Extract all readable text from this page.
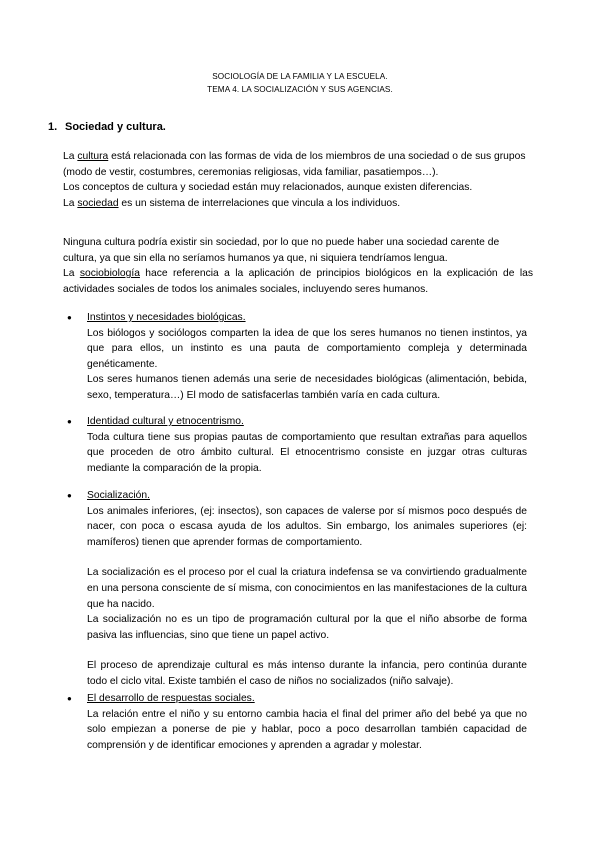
SOCIOLOGÍA DE LA FAMILIA Y LA ESCUELA.
TEMA 4. LA SOCIALIZACIÓN Y SUS AGENCIAS.
1. Sociedad y cultura.
La cultura está relacionada con las formas de vida de los miembros de una sociedad o de sus grupos (modo de vestir, costumbres, ceremonias religiosas, vida familiar, pasatiempos…).
Los conceptos de cultura y sociedad están muy relacionados, aunque existen diferencias.
La sociedad es un sistema de interrelaciones que vincula a los individuos.
Ninguna cultura podría existir sin sociedad, por lo que no puede haber una sociedad carente de cultura, ya que sin ella no seríamos humanos ya que, ni siquiera tendríamos lengua.
La sociobiología hace referencia a la aplicación de principios biológicos en la explicación de las actividades sociales de todos los animales sociales, incluyendo seres humanos.
● Instintos y necesidades biológicas.
Los biólogos y sociólogos comparten la idea de que los seres humanos no tienen instintos, ya que para ellos, un instinto es una pauta de comportamiento compleja y determinada genéticamente.
Los seres humanos tienen además una serie de necesidades biológicas (alimentación, bebida, sexo, temperatura…) El modo de satisfacerlas también varía en cada cultura.
● Identidad cultural y etnocentrismo.
Toda cultura tiene sus propias pautas de comportamiento que resultan extrañas para aquellos que proceden de otro ámbito cultural. El etnocentrismo consiste en juzgar otras culturas mediante la comparación de la propia.
● Socialización.
Los animales inferiores, (ej: insectos), son capaces de valerse por sí mismos poco después de nacer, con poca o escasa ayuda de los adultos. Sin embargo, los animales superiores (ej: mamíferos) tienen que aprender formas de comportamiento.
La socialización es el proceso por el cual la criatura indefensa se va convirtiendo gradualmente en una persona consciente de sí misma, con conocimientos en las manifestaciones de la cultura que ha nacido.
La socialización no es un tipo de programación cultural por la que el niño absorbe de forma pasiva las influencias, sino que tiene un papel activo.
El proceso de aprendizaje cultural es más intenso durante la infancia, pero continúa durante todo el ciclo vital. Existe también el caso de niños no socializados (niño salvaje).
● El desarrollo de respuestas sociales.
La relación entre el niño y su entorno cambia hacia el final del primer año del bebé ya que no solo empiezan a ponerse de pie y hablar, poco a poco desarrollan también capacidad de comprensión y de identificar emociones y aprenden a agradar y molestar.
